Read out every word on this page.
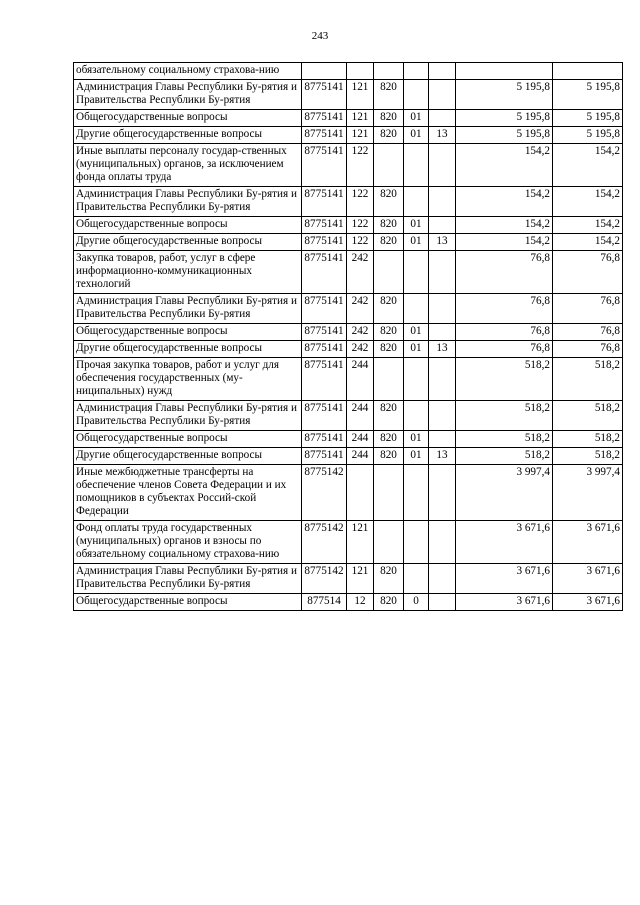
243
обязательному социальному страхова-нию							
Администрация Главы Республики Бу-рятия и Правительства Республики Бу-рятия	8775141	121	820			5 195,8	5 195,8
Общегосударственные вопросы	8775141	121	820	01		5 195,8	5 195,8
Другие общегосударственные вопросы	8775141	121	820	01	13	5 195,8	5 195,8
Иные выплаты персоналу государ-ственных (муниципальных) органов, за исключением фонда оплаты труда	8775141	122				154,2	154,2
Администрация Главы Республики Бу-рятия и Правительства Республики Бу-рятия	8775141	122	820			154,2	154,2
Общегосударственные вопросы	8775141	122	820	01		154,2	154,2
Другие общегосударственные вопросы	8775141	122	820	01	13	154,2	154,2
Закупка товаров, работ, услуг в сфере информационно-коммуникационных технологий	8775141	242				76,8	76,8
Администрация Главы Республики Бу-рятия и Правительства Республики Бу-рятия	8775141	242	820			76,8	76,8
Общегосударственные вопросы	8775141	242	820	01		76,8	76,8
Другие общегосударственные вопросы	8775141	242	820	01	13	76,8	76,8
Прочая закупка товаров, работ и услуг для обеспечения государственных (му-ниципальных) нужд	8775141	244				518,2	518,2
Администрация Главы Республики Бу-рятия и Правительства Республики Бу-рятия	8775141	244	820			518,2	518,2
Общегосударственные вопросы	8775141	244	820	01		518,2	518,2
Другие общегосударственные вопросы	8775141	244	820	01	13	518,2	518,2
Иные межбюджетные трансферты на обеспечение членов Совета Федерации и их помощников в субъектах Россий-ской Федерации	8775142					3 997,4	3 997,4
Фонд оплаты труда государственных (муниципальных) органов и взносы по обязательному социальному страхова-нию	8775142	121				3 671,6	3 671,6
Администрация Главы Республики Бу-рятия и Правительства Республики Бу-рятия	8775142	121	820			3 671,6	3 671,6
Общегосударственные вопросы	877514	12	820	0		3 671,6	3 671,6
